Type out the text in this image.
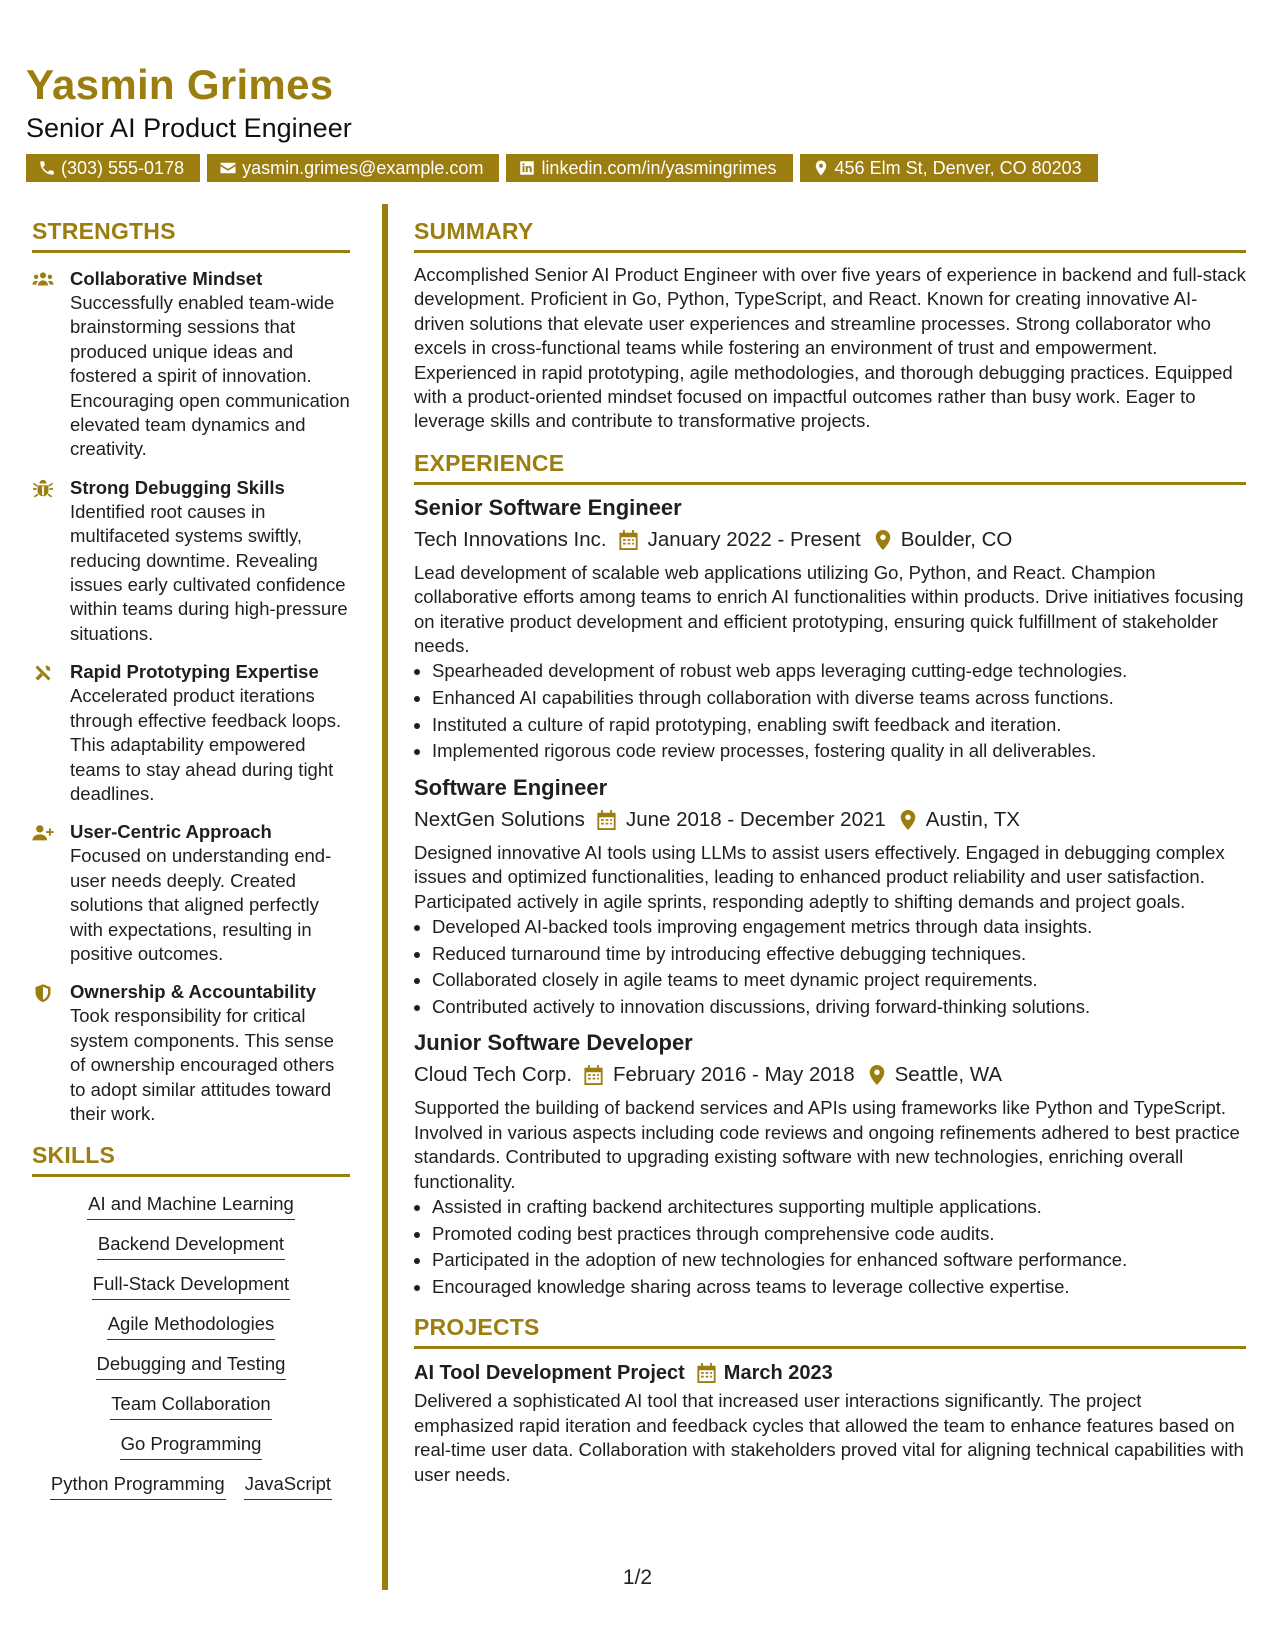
Yasmin Grimes
Senior AI Product Engineer
(303) 555-0178	yasmin.grimes@example.com	linkedin.com/in/yasmingrimes	456 Elm St, Denver, CO 80203
STRENGTHS
Collaborative Mindset
Successfully enabled team-wide brainstorming sessions that produced unique ideas and fostered a spirit of innovation. Encouraging open communication elevated team dynamics and creativity.
Strong Debugging Skills
Identified root causes in multifaceted systems swiftly, reducing downtime. Revealing issues early cultivated confidence within teams during high-pressure situations.
Rapid Prototyping Expertise
Accelerated product iterations through effective feedback loops. This adaptability empowered teams to stay ahead during tight deadlines.
User-Centric Approach
Focused on understanding end-user needs deeply. Created solutions that aligned perfectly with expectations, resulting in positive outcomes.
Ownership & Accountability
Took responsibility for critical system components. This sense of ownership encouraged others to adopt similar attitudes toward their work.
SKILLS
AI and Machine Learning
Backend Development
Full-Stack Development
Agile Methodologies
Debugging and Testing
Team Collaboration
Go Programming
Python Programming JavaScript
SUMMARY
Accomplished Senior AI Product Engineer with over five years of experience in backend and full-stack development. Proficient in Go, Python, TypeScript, and React. Known for creating innovative AI-driven solutions that elevate user experiences and streamline processes. Strong collaborator who excels in cross-functional teams while fostering an environment of trust and empowerment. Experienced in rapid prototyping, agile methodologies, and thorough debugging practices. Equipped with a product-oriented mindset focused on impactful outcomes rather than busy work. Eager to leverage skills and contribute to transformative projects.
EXPERIENCE
Senior Software Engineer
Tech Innovations Inc. January 2022 - Present Boulder, CO
Lead development of scalable web applications utilizing Go, Python, and React. Champion collaborative efforts among teams to enrich AI functionalities within products. Drive initiatives focusing on iterative product development and efficient prototyping, ensuring quick fulfillment of stakeholder needs.
• Spearheaded development of robust web apps leveraging cutting-edge technologies.
• Enhanced AI capabilities through collaboration with diverse teams across functions.
• Instituted a culture of rapid prototyping, enabling swift feedback and iteration.
• Implemented rigorous code review processes, fostering quality in all deliverables.
Software Engineer
NextGen Solutions June 2018 - December 2021 Austin, TX
Designed innovative AI tools using LLMs to assist users effectively. Engaged in debugging complex issues and optimized functionalities, leading to enhanced product reliability and user satisfaction. Participated actively in agile sprints, responding adeptly to shifting demands and project goals.
• Developed AI-backed tools improving engagement metrics through data insights.
• Reduced turnaround time by introducing effective debugging techniques.
• Collaborated closely in agile teams to meet dynamic project requirements.
• Contributed actively to innovation discussions, driving forward-thinking solutions.
Junior Software Developer
Cloud Tech Corp. February 2016 - May 2018 Seattle, WA
Supported the building of backend services and APIs using frameworks like Python and TypeScript. Involved in various aspects including code reviews and ongoing refinements adhered to best practice standards. Contributed to upgrading existing software with new technologies, enriching overall functionality.
• Assisted in crafting backend architectures supporting multiple applications.
• Promoted coding best practices through comprehensive code audits.
• Participated in the adoption of new technologies for enhanced software performance.
• Encouraged knowledge sharing across teams to leverage collective expertise.
PROJECTS
AI Tool Development Project March 2023
Delivered a sophisticated AI tool that increased user interactions significantly. The project emphasized rapid iteration and feedback cycles that allowed the team to enhance features based on real-time user data. Collaboration with stakeholders proved vital for aligning technical capabilities with user needs.
1/2
